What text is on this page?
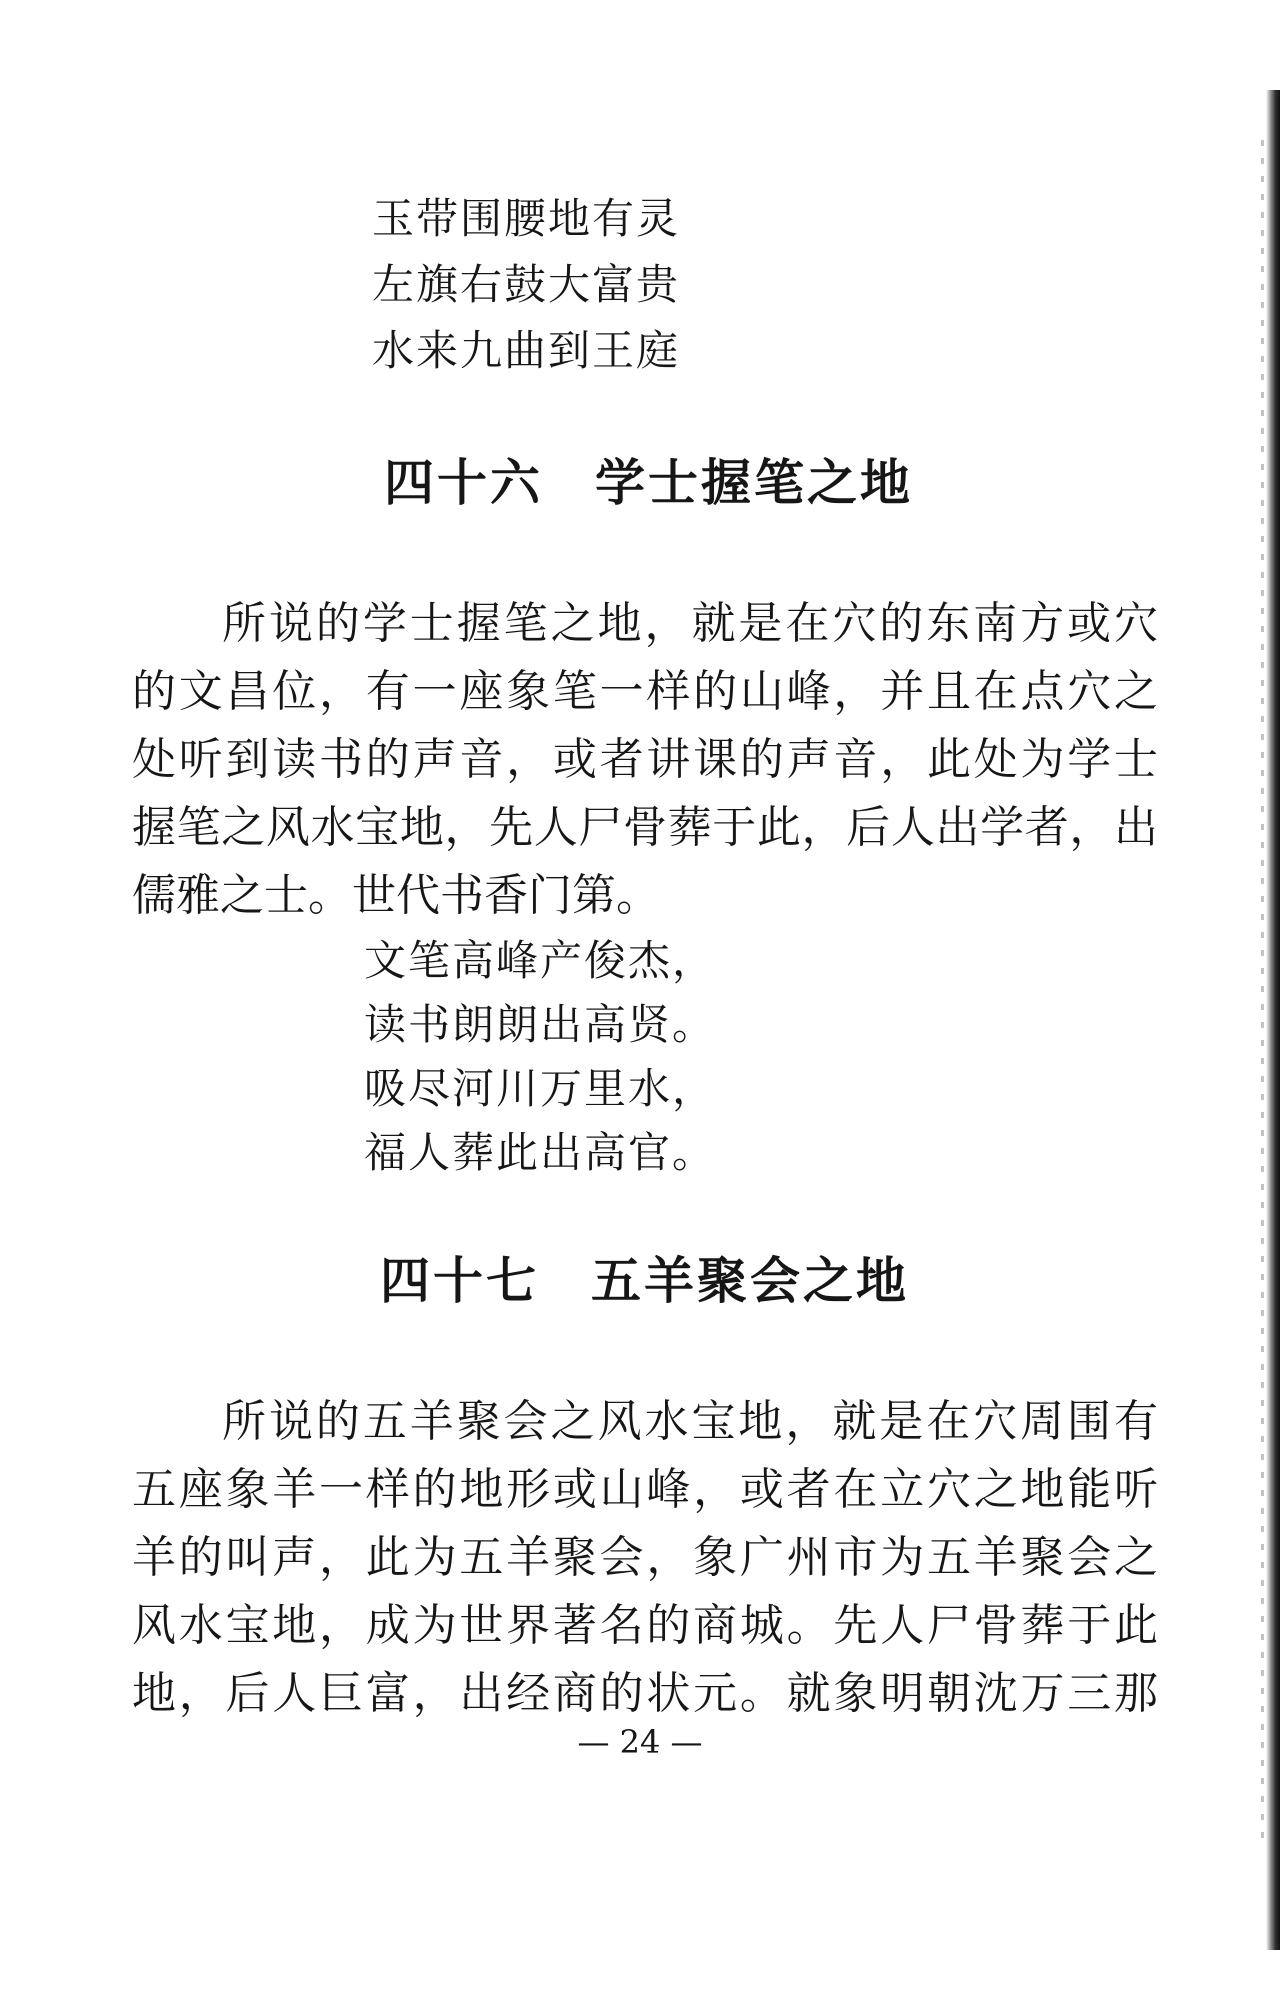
玉带围腰地有灵
左旗右鼓大富贵
水来九曲到王庭
四十六 学士握笔之地
所说的学士握笔之地，就是在穴的东南方或穴
的文昌位，有一座象笔一样的山峰，并且在点穴之
处听到读书的声音，或者讲课的声音，此处为学士
握笔之风水宝地，先人尸骨葬于此，后人出学者，出
儒雅之士。世代书香门第。
文笔高峰产俊杰，
读书朗朗出高贤。
吸尽河川万里水，
福人葬此出高官。
四十七 五羊聚会之地
所说的五羊聚会之风水宝地，就是在穴周围有
五座象羊一样的地形或山峰，或者在立穴之地能听
羊的叫声，此为五羊聚会，象广州市为五羊聚会之
风水宝地，成为世界著名的商城。先人尸骨葬于此
地，后人巨富，出经商的状元。就象明朝沈万三那
— 24 —
